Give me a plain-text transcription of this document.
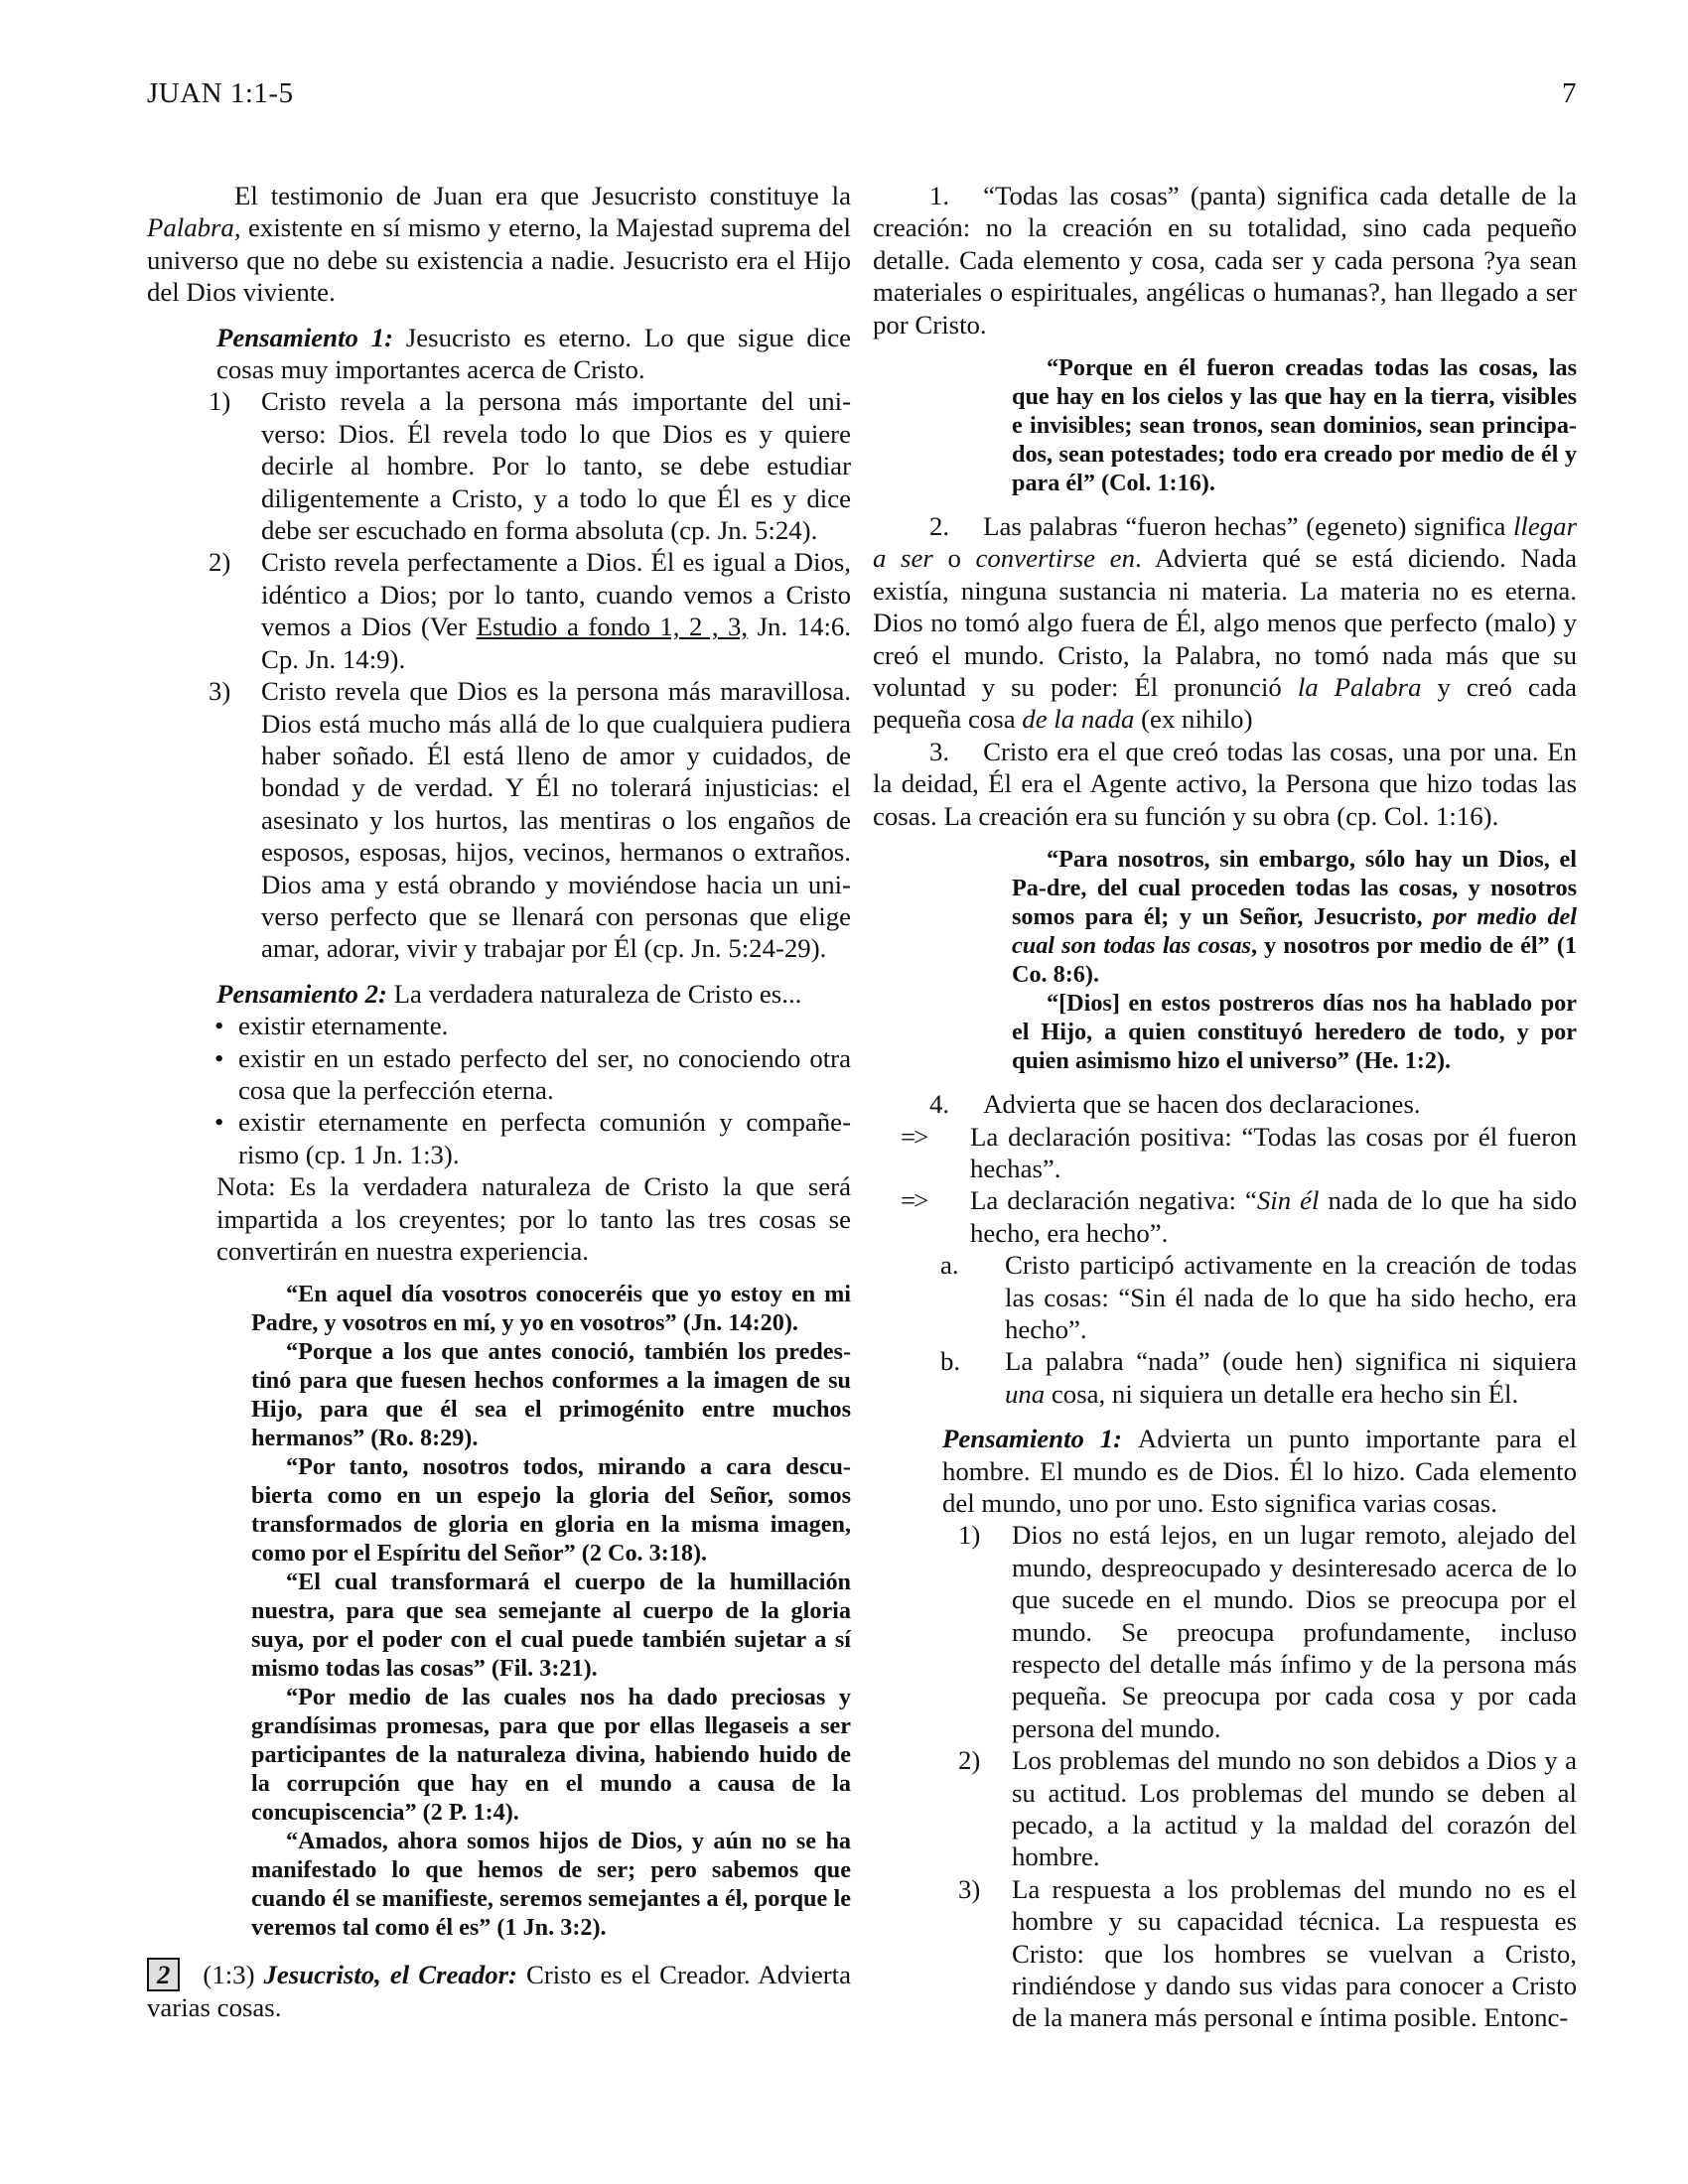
JUAN 1:1-5	7

El testimonio de Juan era que Jesucristo constituye la Palabra, existente en sí mismo y eterno, la Majestad suprema del universo que no debe su existencia a nadie. Jesucristo era el Hijo del Dios viviente.

Pensamiento 1: Jesucristo es eterno. Lo que sigue dice cosas muy importantes acerca de Cristo.

1) Cristo revela a la persona más importante del uni-verso: Dios. Él revela todo lo que Dios es y quiere decirle al hombre. Por lo tanto, se debe estudiar diligentemente a Cristo, y a todo lo que Él es y dice debe ser escuchado en forma absoluta (cp. Jn. 5:24).

2) Cristo revela perfectamente a Dios. Él es igual a Dios, idéntico a Dios; por lo tanto, cuando vemos a Cristo vemos a Dios (Ver Estudio a fondo 1, 2 , 3, Jn. 14:6. Cp. Jn. 14:9).

3) Cristo revela que Dios es la persona más maravillosa. Dios está mucho más allá de lo que cualquiera pudiera haber soñado. Él está lleno de amor y cuidados, de bondad y de verdad. Y Él no tolerará injusticias: el asesinato y los hurtos, las mentiras o los engaños de esposos, esposas, hijos, vecinos, hermanos o extraños. Dios ama y está obrando y moviéndose hacia un uni-verso perfecto que se llenará con personas que elige amar, adorar, vivir y trabajar por Él (cp. Jn. 5:24-29).

Pensamiento 2: La verdadera naturaleza de Cristo es...

• existir eternamente.

• existir en un estado perfecto del ser, no conociendo otra cosa que la perfección eterna.

• existir eternamente en perfecta comunión y compañe-rismo (cp. 1 Jn. 1:3).

Nota: Es la verdadera naturaleza de Cristo la que será impartida a los creyentes; por lo tanto las tres cosas se convertirán en nuestra experiencia.

“En aquel día vosotros conoceréis que yo estoy en mi Padre, y vosotros en mí, y yo en vosotros” (Jn. 14:20).

“Porque a los que antes conoció, también los predes-tinó para que fuesen hechos conformes a la imagen de su Hijo, para que él sea el primogénito entre muchos hermanos” (Ro. 8:29).

“Por tanto, nosotros todos, mirando a cara descu-bierta como en un espejo la gloria del Señor, somos transformados de gloria en gloria en la misma imagen, como por el Espíritu del Señor” (2 Co. 3:18).

“El cual transformará el cuerpo de la humillación nuestra, para que sea semejante al cuerpo de la gloria suya, por el poder con el cual puede también sujetar a sí mismo todas las cosas” (Fil. 3:21).

“Por medio de las cuales nos ha dado preciosas y grandísimas promesas, para que por ellas llegaseis a ser participantes de la naturaleza divina, habiendo huido de la corrupción que hay en el mundo a causa de la concupiscencia” (2 P. 1:4).

“Amados, ahora somos hijos de Dios, y aún no se ha manifestado lo que hemos de ser; pero sabemos que cuando él se manifieste, seremos semejantes a él, porque le veremos tal como él es” (1 Jn. 3:2).

2 (1:3) Jesucristo, el Creador: Cristo es el Creador. Advierta varias cosas.

1. “Todas las cosas” (panta) significa cada detalle de la creación: no la creación en su totalidad, sino cada pequeño detalle. Cada elemento y cosa, cada ser y cada persona ?ya sean materiales o espirituales, angélicas o humanas?, han llegado a ser por Cristo.

“Porque en él fueron creadas todas las cosas, las que hay en los cielos y las que hay en la tierra, visibles e invisibles; sean tronos, sean dominios, sean principa-dos, sean potestades; todo era creado por medio de él y para él” (Col. 1:16).

2. Las palabras “fueron hechas” (egeneto) significa llegar a ser o convertirse en. Advierta qué se está diciendo. Nada existía, ninguna sustancia ni materia. La materia no es eterna. Dios no tomó algo fuera de Él, algo menos que perfecto (malo) y creó el mundo. Cristo, la Palabra, no tomó nada más que su voluntad y su poder: Él pronunció la Palabra y creó cada pequeña cosa de la nada (ex nihilo)

3. Cristo era el que creó todas las cosas, una por una. En la deidad, Él era el Agente activo, la Persona que hizo todas las cosas. La creación era su función y su obra (cp. Col. 1:16).

“Para nosotros, sin embargo, sólo hay un Dios, el Pa-dre, del cual proceden todas las cosas, y nosotros somos para él; y un Señor, Jesucristo, por medio del cual son todas las cosas, y nosotros por medio de él” (1 Co. 8:6).

“[Dios] en estos postreros días nos ha hablado por el Hijo, a quien constituyó heredero de todo, y por quien asimismo hizo el universo” (He. 1:2).

4. Advierta que se hacen dos declaraciones.

=> La declaración positiva: “Todas las cosas por él fueron hechas”.

=> La declaración negativa: “Sin él nada de lo que ha sido hecho, era hecho”.

a. Cristo participó activamente en la creación de todas las cosas: “Sin él nada de lo que ha sido hecho, era hecho”.

b. La palabra “nada” (oude hen) significa ni siquiera una cosa, ni siquiera un detalle era hecho sin Él.

Pensamiento 1: Advierta un punto importante para el hombre. El mundo es de Dios. Él lo hizo. Cada elemento del mundo, uno por uno. Esto significa varias cosas.

1) Dios no está lejos, en un lugar remoto, alejado del mundo, despreocupado y desinteresado acerca de lo que sucede en el mundo. Dios se preocupa por el mundo. Se preocupa profundamente, incluso respecto del detalle más ínfimo y de la persona más pequeña. Se preocupa por cada cosa y por cada persona del mundo.

2) Los problemas del mundo no son debidos a Dios y a su actitud. Los problemas del mundo se deben al pecado, a la actitud y la maldad del corazón del hombre.

3) La respuesta a los problemas del mundo no es el hombre y su capacidad técnica. La respuesta es Cristo: que los hombres se vuelvan a Cristo, rindiéndose y dando sus vidas para conocer a Cristo de la manera más personal e íntima posible. Entonc-
